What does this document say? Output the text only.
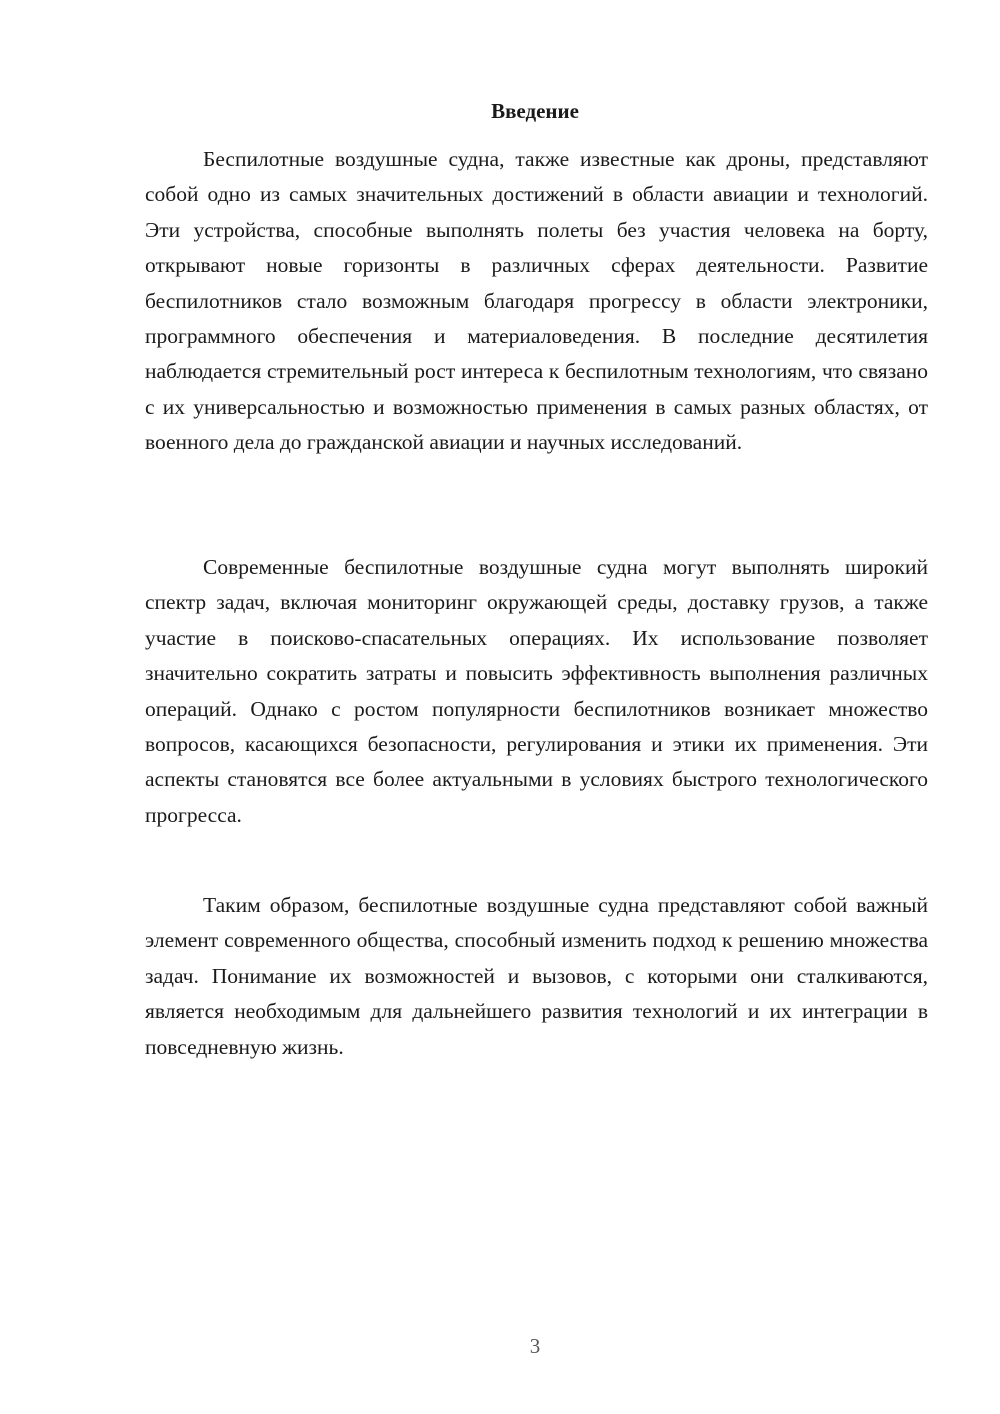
Введение

Беспилотные воздушные судна, также известные как дроны, представляют собой одно из самых значительных достижений в области авиации и технологий. Эти устройства, способные выполнять полеты без участия человека на борту, открывают новые горизонты в различных сферах деятельности. Развитие беспилотников стало возможным благодаря прогрессу в области электроники, программного обеспечения и материаловедения. В последние десятилетия наблюдается стремительный рост интереса к беспилотным технологиям, что связано с их универсальностью и возможностью применения в самых разных областях, от военного дела до гражданской авиации и научных исследований.

Современные беспилотные воздушные судна могут выполнять широкий спектр задач, включая мониторинг окружающей среды, доставку грузов, а также участие в поисково-спасательных операциях. Их использование позволяет значительно сократить затраты и повысить эффективность выполнения различных операций. Однако с ростом популярности беспилотников возникает множество вопросов, касающихся безопасности, регулирования и этики их применения. Эти аспекты становятся все более актуальными в условиях быстрого технологического прогресса.

Таким образом, беспилотные воздушные судна представляют собой важный элемент современного общества, способный изменить подход к решению множества задач. Понимание их возможностей и вызовов, с которыми они сталкиваются, является необходимым для дальнейшего развития технологий и их интеграции в повседневную жизнь.

3
